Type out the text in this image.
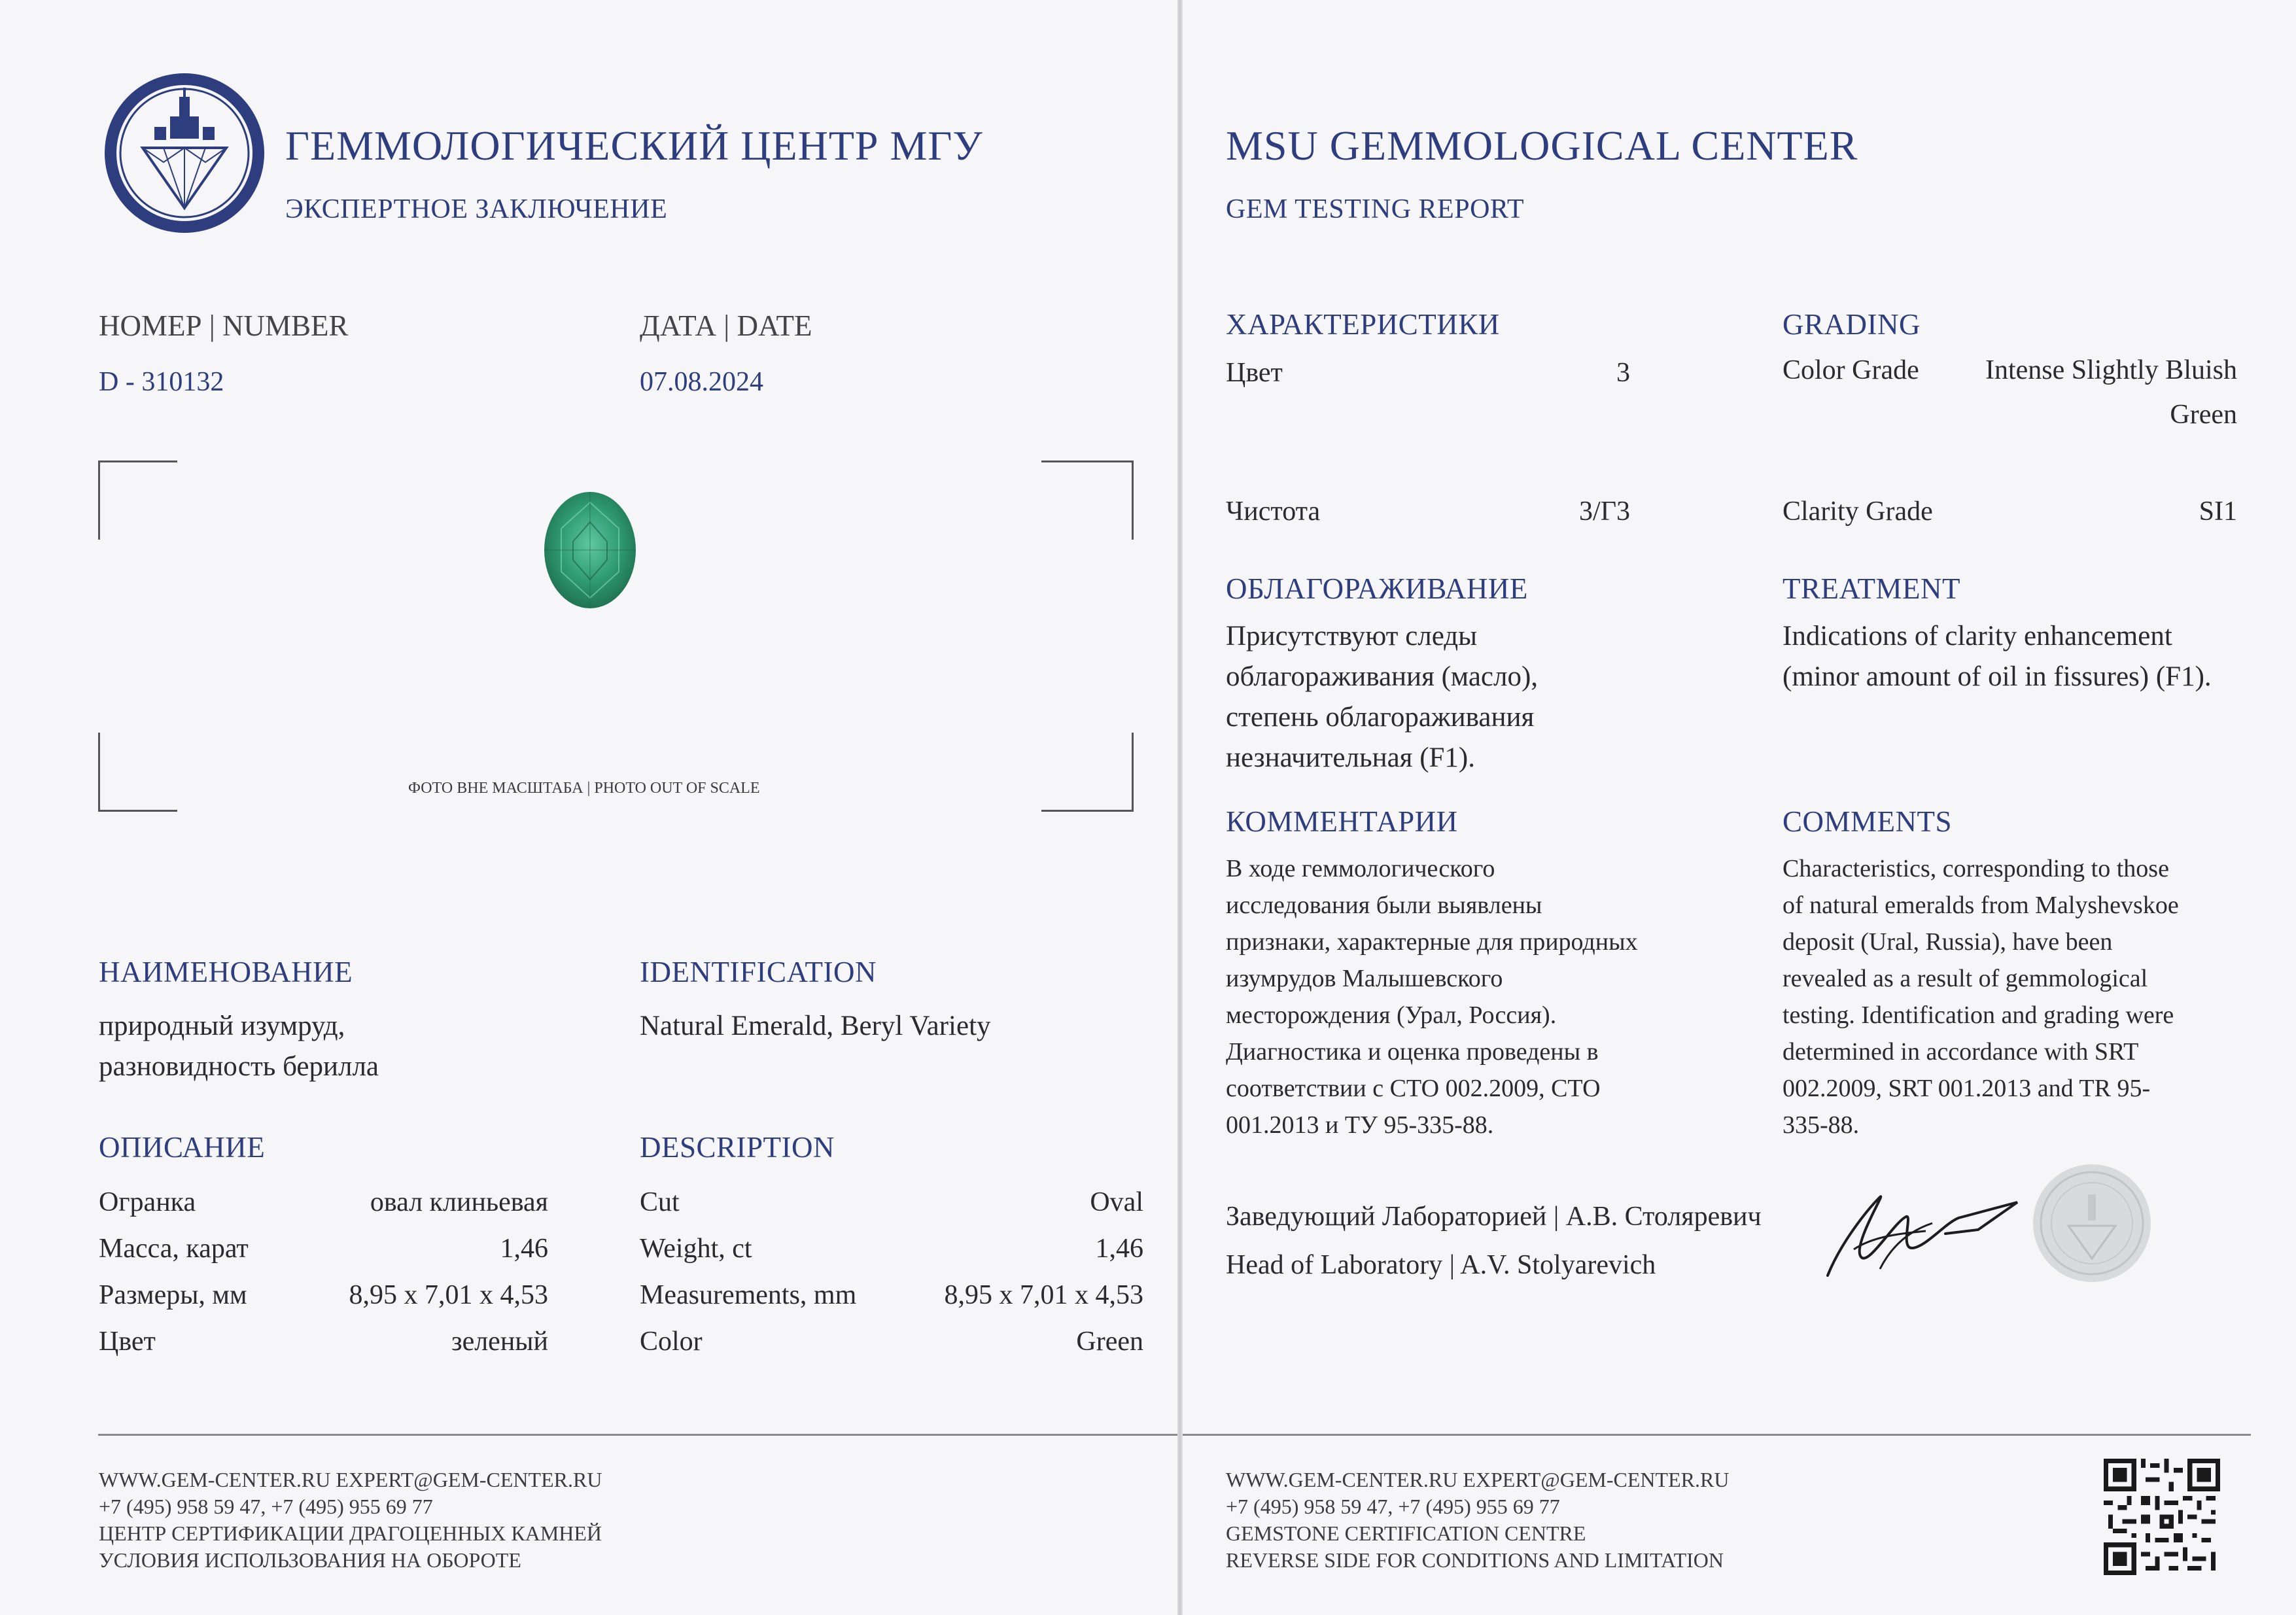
ГЕММОЛОГИЧЕСКИЙ ЦЕНТР МГУ
ЭКСПЕРТНОЕ ЗАКЛЮЧЕНИЕ
НОМЕР | NUMBER
D - 310132
ДАТА | DATE
07.08.2024
ФОТО ВНЕ МАСШТАБА | PHOTO OUT OF SCALE
НАИМЕНОВАНИЕ
природный изумруд, разновидность берилла
IDENTIFICATION
Natural Emerald, Beryl Variety
ОПИСАНИЕ	DESCRIPTION
Огранка	овал клиньевая
Масса, карат	1,46
Размеры, мм	8,95 x 7,01 x 4,53
Цвет	зеленый
Cut	Oval
Weight, ct	1,46
Measurements, mm	8,95 x 7,01 x 4,53
Color	Green
WWW.GEM-CENTER.RU EXPERT@GEM-CENTER.RU
+7 (495) 958 59 47, +7 (495) 955 69 77
ЦЕНТР СЕРТИФИКАЦИИ ДРАГОЦЕННЫХ КАМНЕЙ
УСЛОВИЯ ИСПОЛЬЗОВАНИЯ НА ОБОРОТЕ
MSU GEMMOLOGICAL CENTER
GEM TESTING REPORT
ХАРАКТЕРИСТИКИ	GRADING
Цвет	3	Color Grade	Intense Slightly Bluish
Green
Чистота	3/Г3	Clarity Grade	SI1
ОБЛАГОРАЖИВАНИЕ	TREATMENT
Присутствуют следы облагораживания (масло), степень облагораживания незначительная (F1).
Indications of clarity enhancement (minor amount of oil in fissures) (F1).
КОММЕНТАРИИ	COMMENTS
В ходе геммологического исследования были выявлены признаки, характерные для природных изумрудов Малышевского месторождения (Урал, Россия). Диагностика и оценка проведены в соответствии с СТО 002.2009, СТО 001.2013 и ТУ 95-335-88.
Characteristics, corresponding to those of natural emeralds from Malyshevskoe deposit (Ural, Russia), have been revealed as a result of gemmological testing. Identification and grading were determined in accordance with SRT 002.2009, SRT 001.2013 and TR 95-335-88.
Заведующий Лабораторией | А.В. Столяревич
Head of Laboratory | A.V. Stolyarevich
WWW.GEM-CENTER.RU EXPERT@GEM-CENTER.RU
+7 (495) 958 59 47, +7 (495) 955 69 77
GEMSTONE CERTIFICATION CENTRE
REVERSE SIDE FOR CONDITIONS AND LIMITATION
